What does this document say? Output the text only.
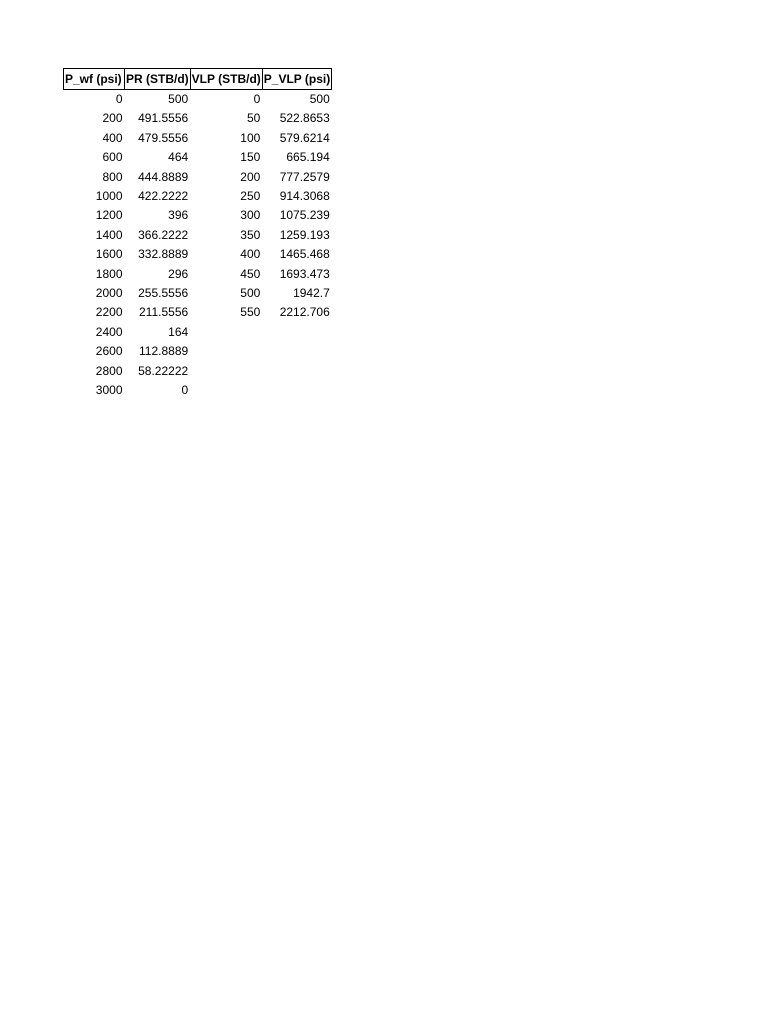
P_wf (psi)	PR (STB/d)	VLP (STB/d)	P_VLP (psi)
0	500	0	500
200	491.5556	50	522.8653
400	479.5556	100	579.6214
600	464	150	665.194
800	444.8889	200	777.2579
1000	422.2222	250	914.3068
1200	396	300	1075.239
1400	366.2222	350	1259.193
1600	332.8889	400	1465.468
1800	296	450	1693.473
2000	255.5556	500	1942.7
2200	211.5556	550	2212.706
2400	164		
2600	112.8889		
2800	58.22222		
3000	0		
